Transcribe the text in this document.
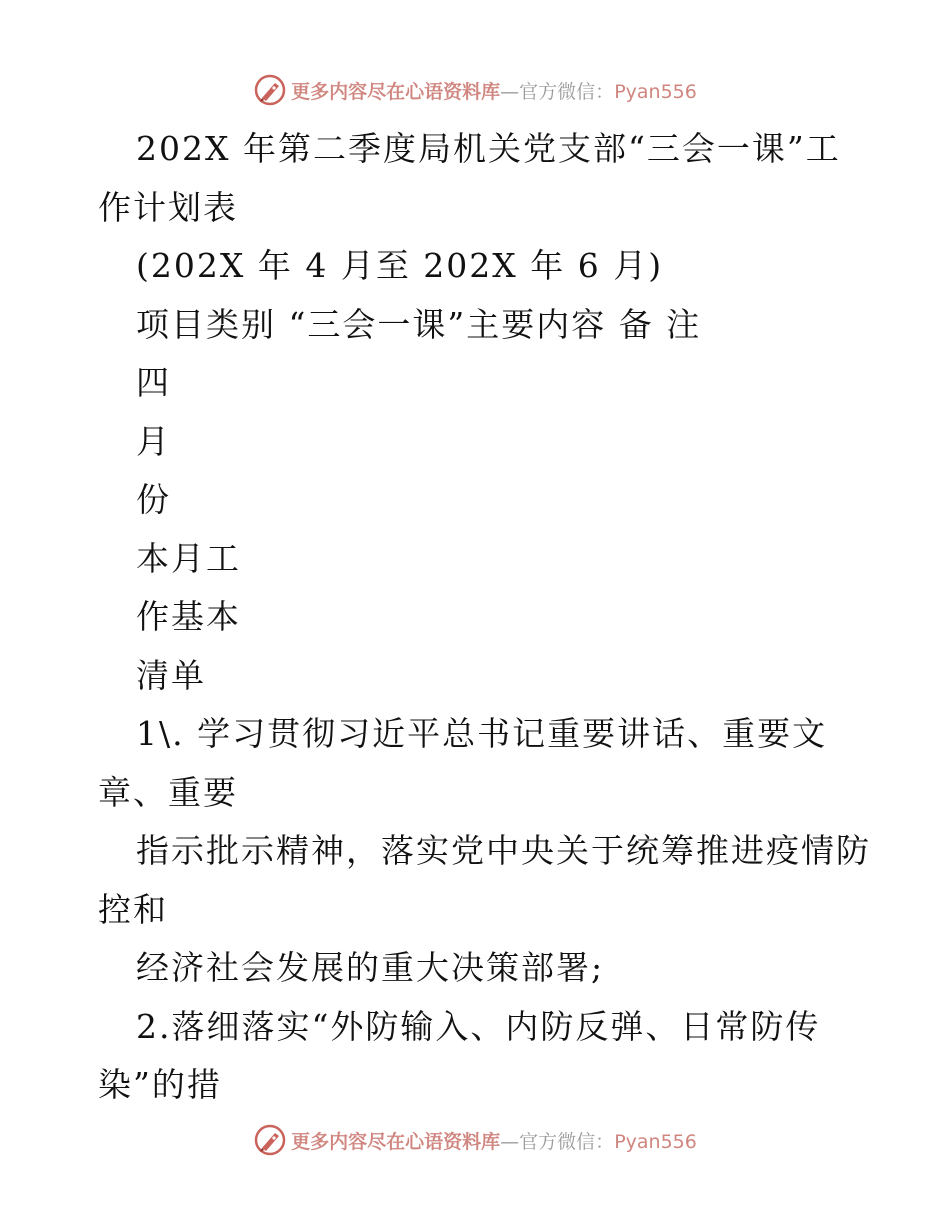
更多内容尽在心语资料库—官方微信：Pyan556
202X 年第二季度局机关党支部“三会一课”工
作计划表
(202X 年 4 月至 202X 年 6 月)
项目类别 “三会一课”主要内容 备 注
四
月
份
本月工
作基本
清单
1\. 学习贯彻习近平总书记重要讲话、重要文
章、重要
指示批示精神，落实党中央关于统筹推进疫情防
控和
经济社会发展的重大决策部署;
2.落细落实“外防输入、内防反弹、日常防传
染”的措
更多内容尽在心语资料库—官方微信：Pyan556
